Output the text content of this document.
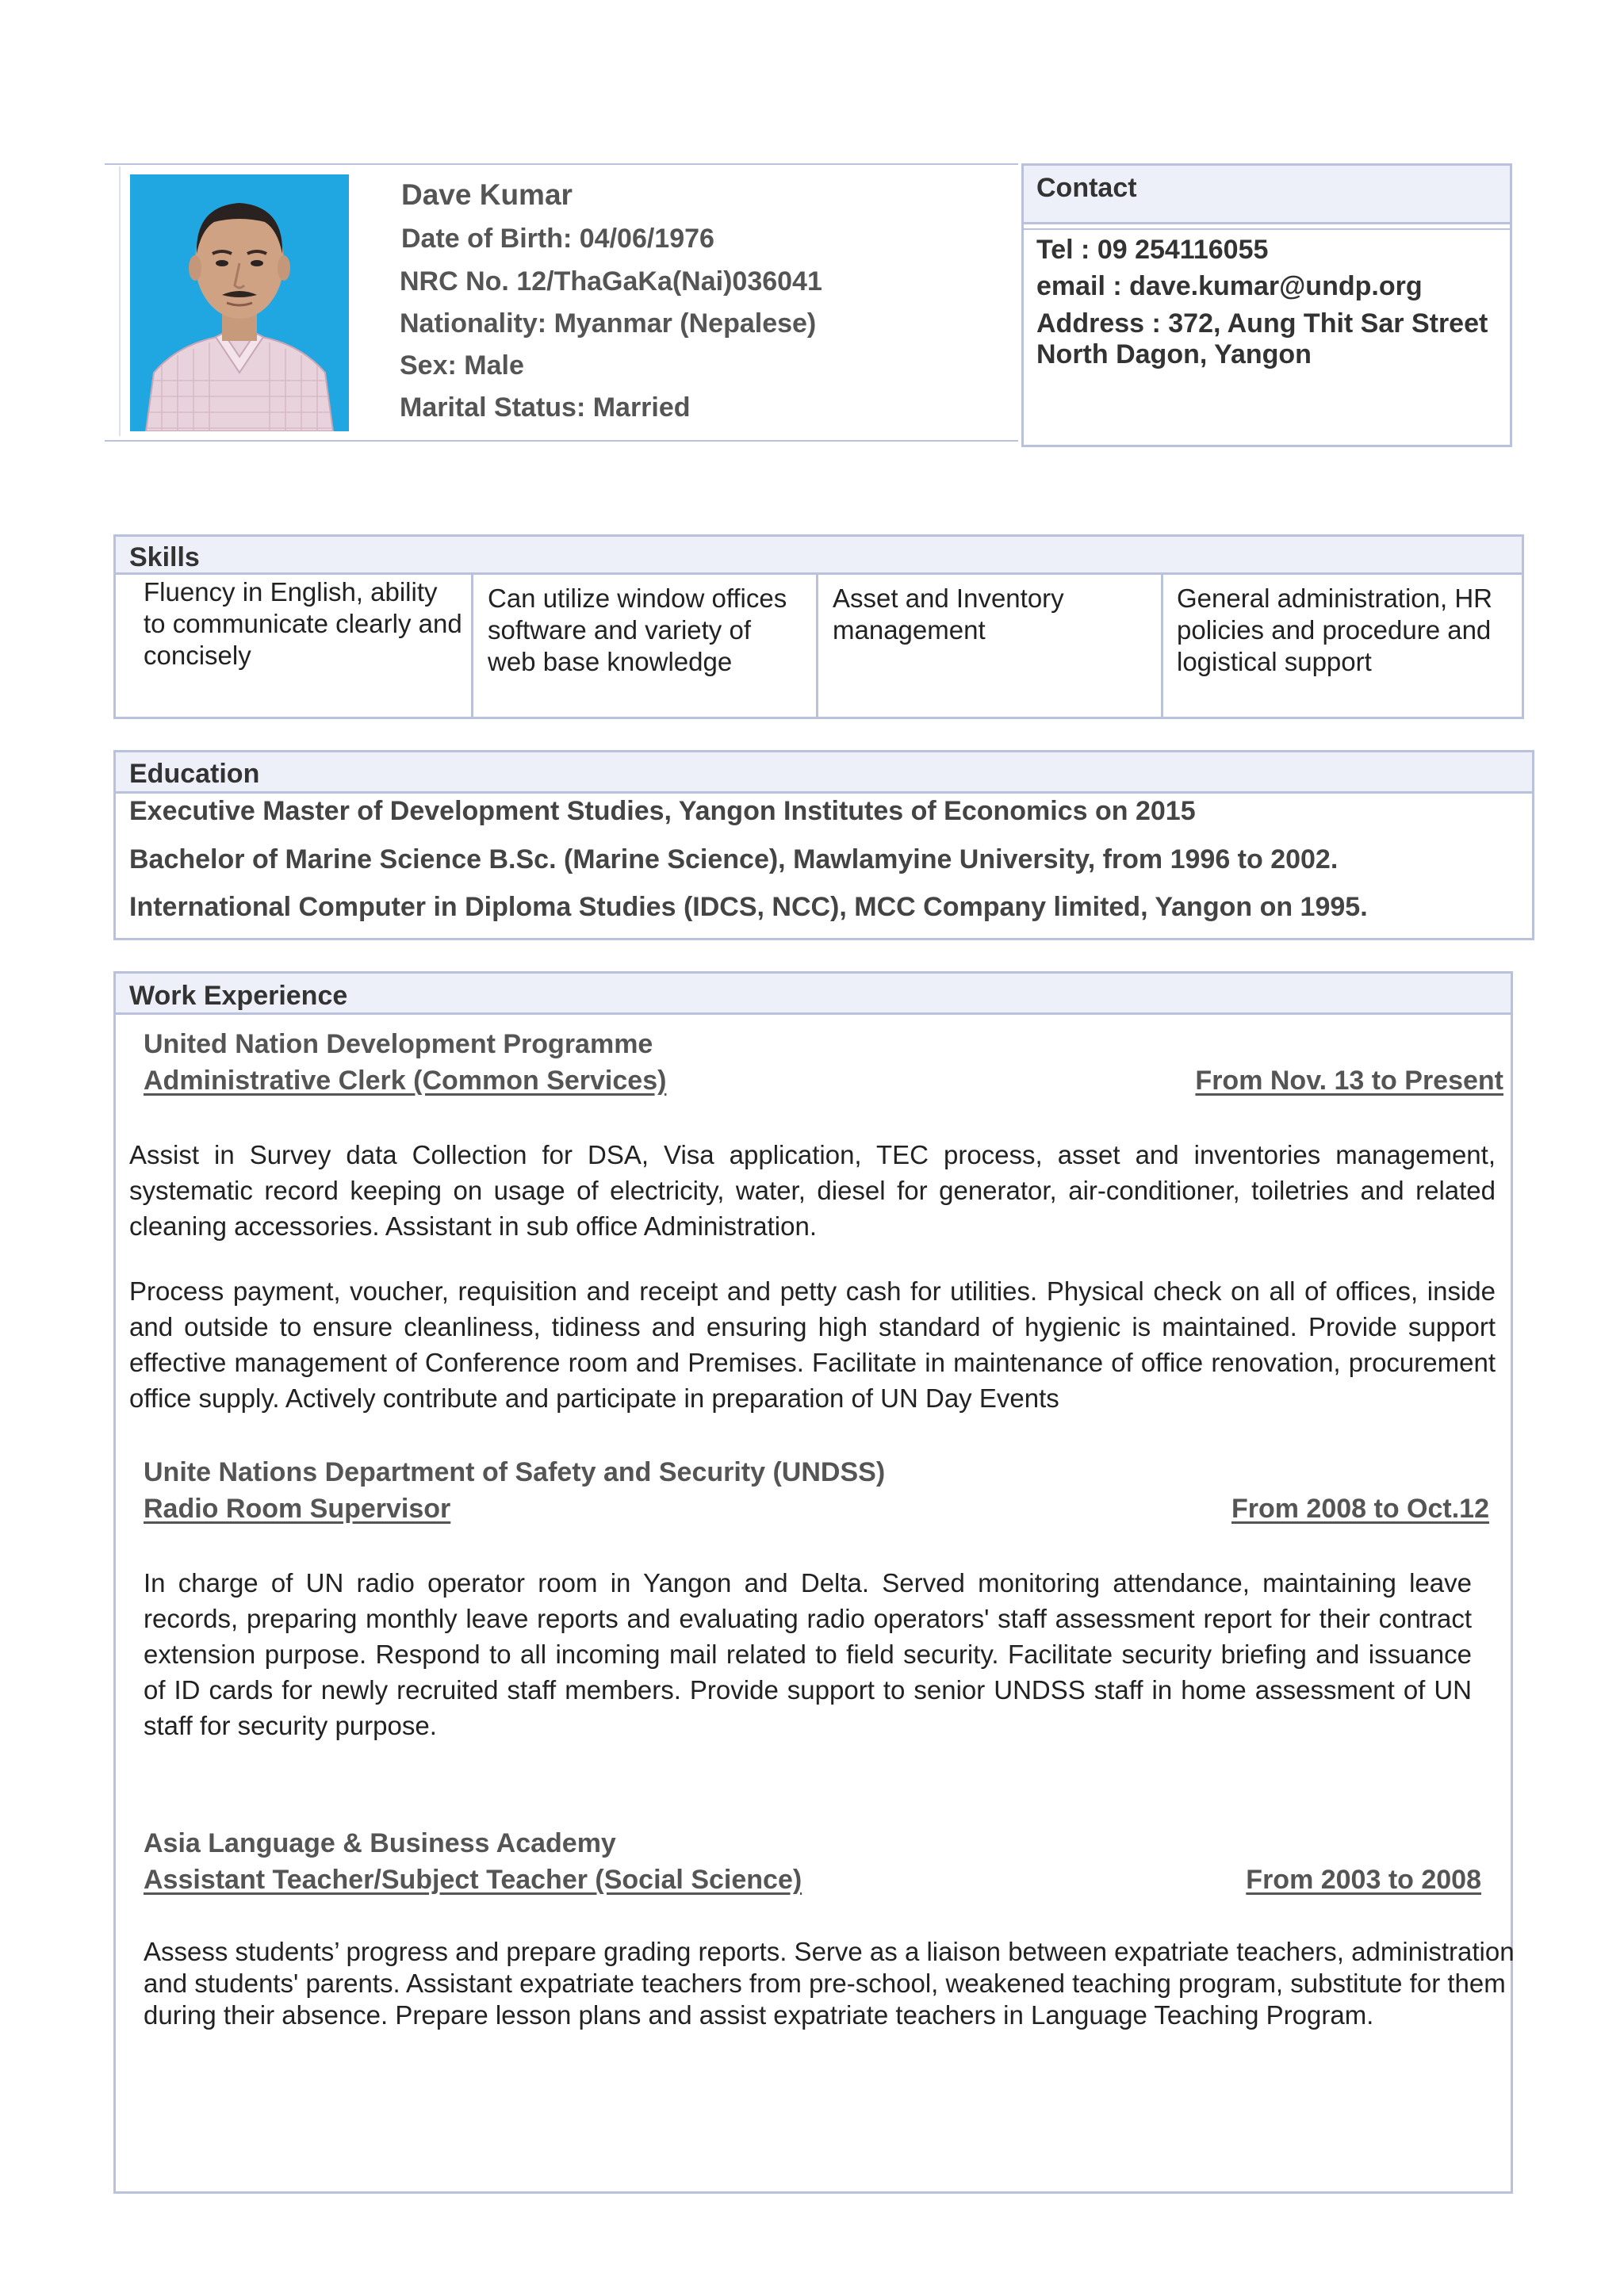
Dave Kumar
Date of Birth: 04/06/1976
NRC No. 12/ThaGaKa(Nai)036041
Nationality: Myanmar (Nepalese)
Sex: Male
Marital Status: Married
Contact
Tel : 09 254116055
email : dave.kumar@undp.org
Address : 372, Aung Thit Sar Street
North Dagon, Yangon
Skills
Fluency in English, ability to communicate clearly and concisely
Can utilize window offices software and variety of web base knowledge
Asset and Inventory management
General administration, HR policies and procedure and logistical support
Education
Executive Master of Development Studies, Yangon Institutes of Economics on 2015
Bachelor of Marine Science B.Sc. (Marine Science), Mawlamyine University, from 1996 to 2002.
International Computer in Diploma Studies (IDCS, NCC), MCC Company limited, Yangon on 1995.
Work Experience
United Nation Development Programme
Administrative Clerk (Common Services)	From Nov. 13 to Present
Assist in Survey data Collection for DSA, Visa application, TEC process, asset and inventories management, systematic record keeping on usage of electricity, water, diesel for generator, air-conditioner, toiletries and related cleaning accessories. Assistant in sub office Administration.
Process payment, voucher, requisition and receipt and petty cash for utilities. Physical check on all of offices, inside and outside to ensure cleanliness, tidiness and ensuring high standard of hygienic is maintained. Provide support effective management of Conference room and Premises. Facilitate in maintenance of office renovation, procurement office supply. Actively contribute and participate in preparation of UN Day Events
Unite Nations Department of Safety and Security (UNDSS)
Radio Room Supervisor	From 2008 to Oct.12
In charge of UN radio operator room in Yangon and Delta. Served monitoring attendance, maintaining leave records, preparing monthly leave reports and evaluating radio operators' staff assessment report for their contract extension purpose. Respond to all incoming mail related to field security. Facilitate security briefing and issuance of ID cards for newly recruited staff members. Provide support to senior UNDSS staff in home assessment of UN staff for security purpose.
Asia Language & Business Academy
Assistant Teacher/Subject Teacher (Social Science)	From 2003 to 2008
Assess students’ progress and prepare grading reports. Serve as a liaison between expatriate teachers, administration and students' parents. Assistant expatriate teachers from pre-school, weakened teaching program, substitute for them during their absence. Prepare lesson plans and assist expatriate teachers in Language Teaching Program.
